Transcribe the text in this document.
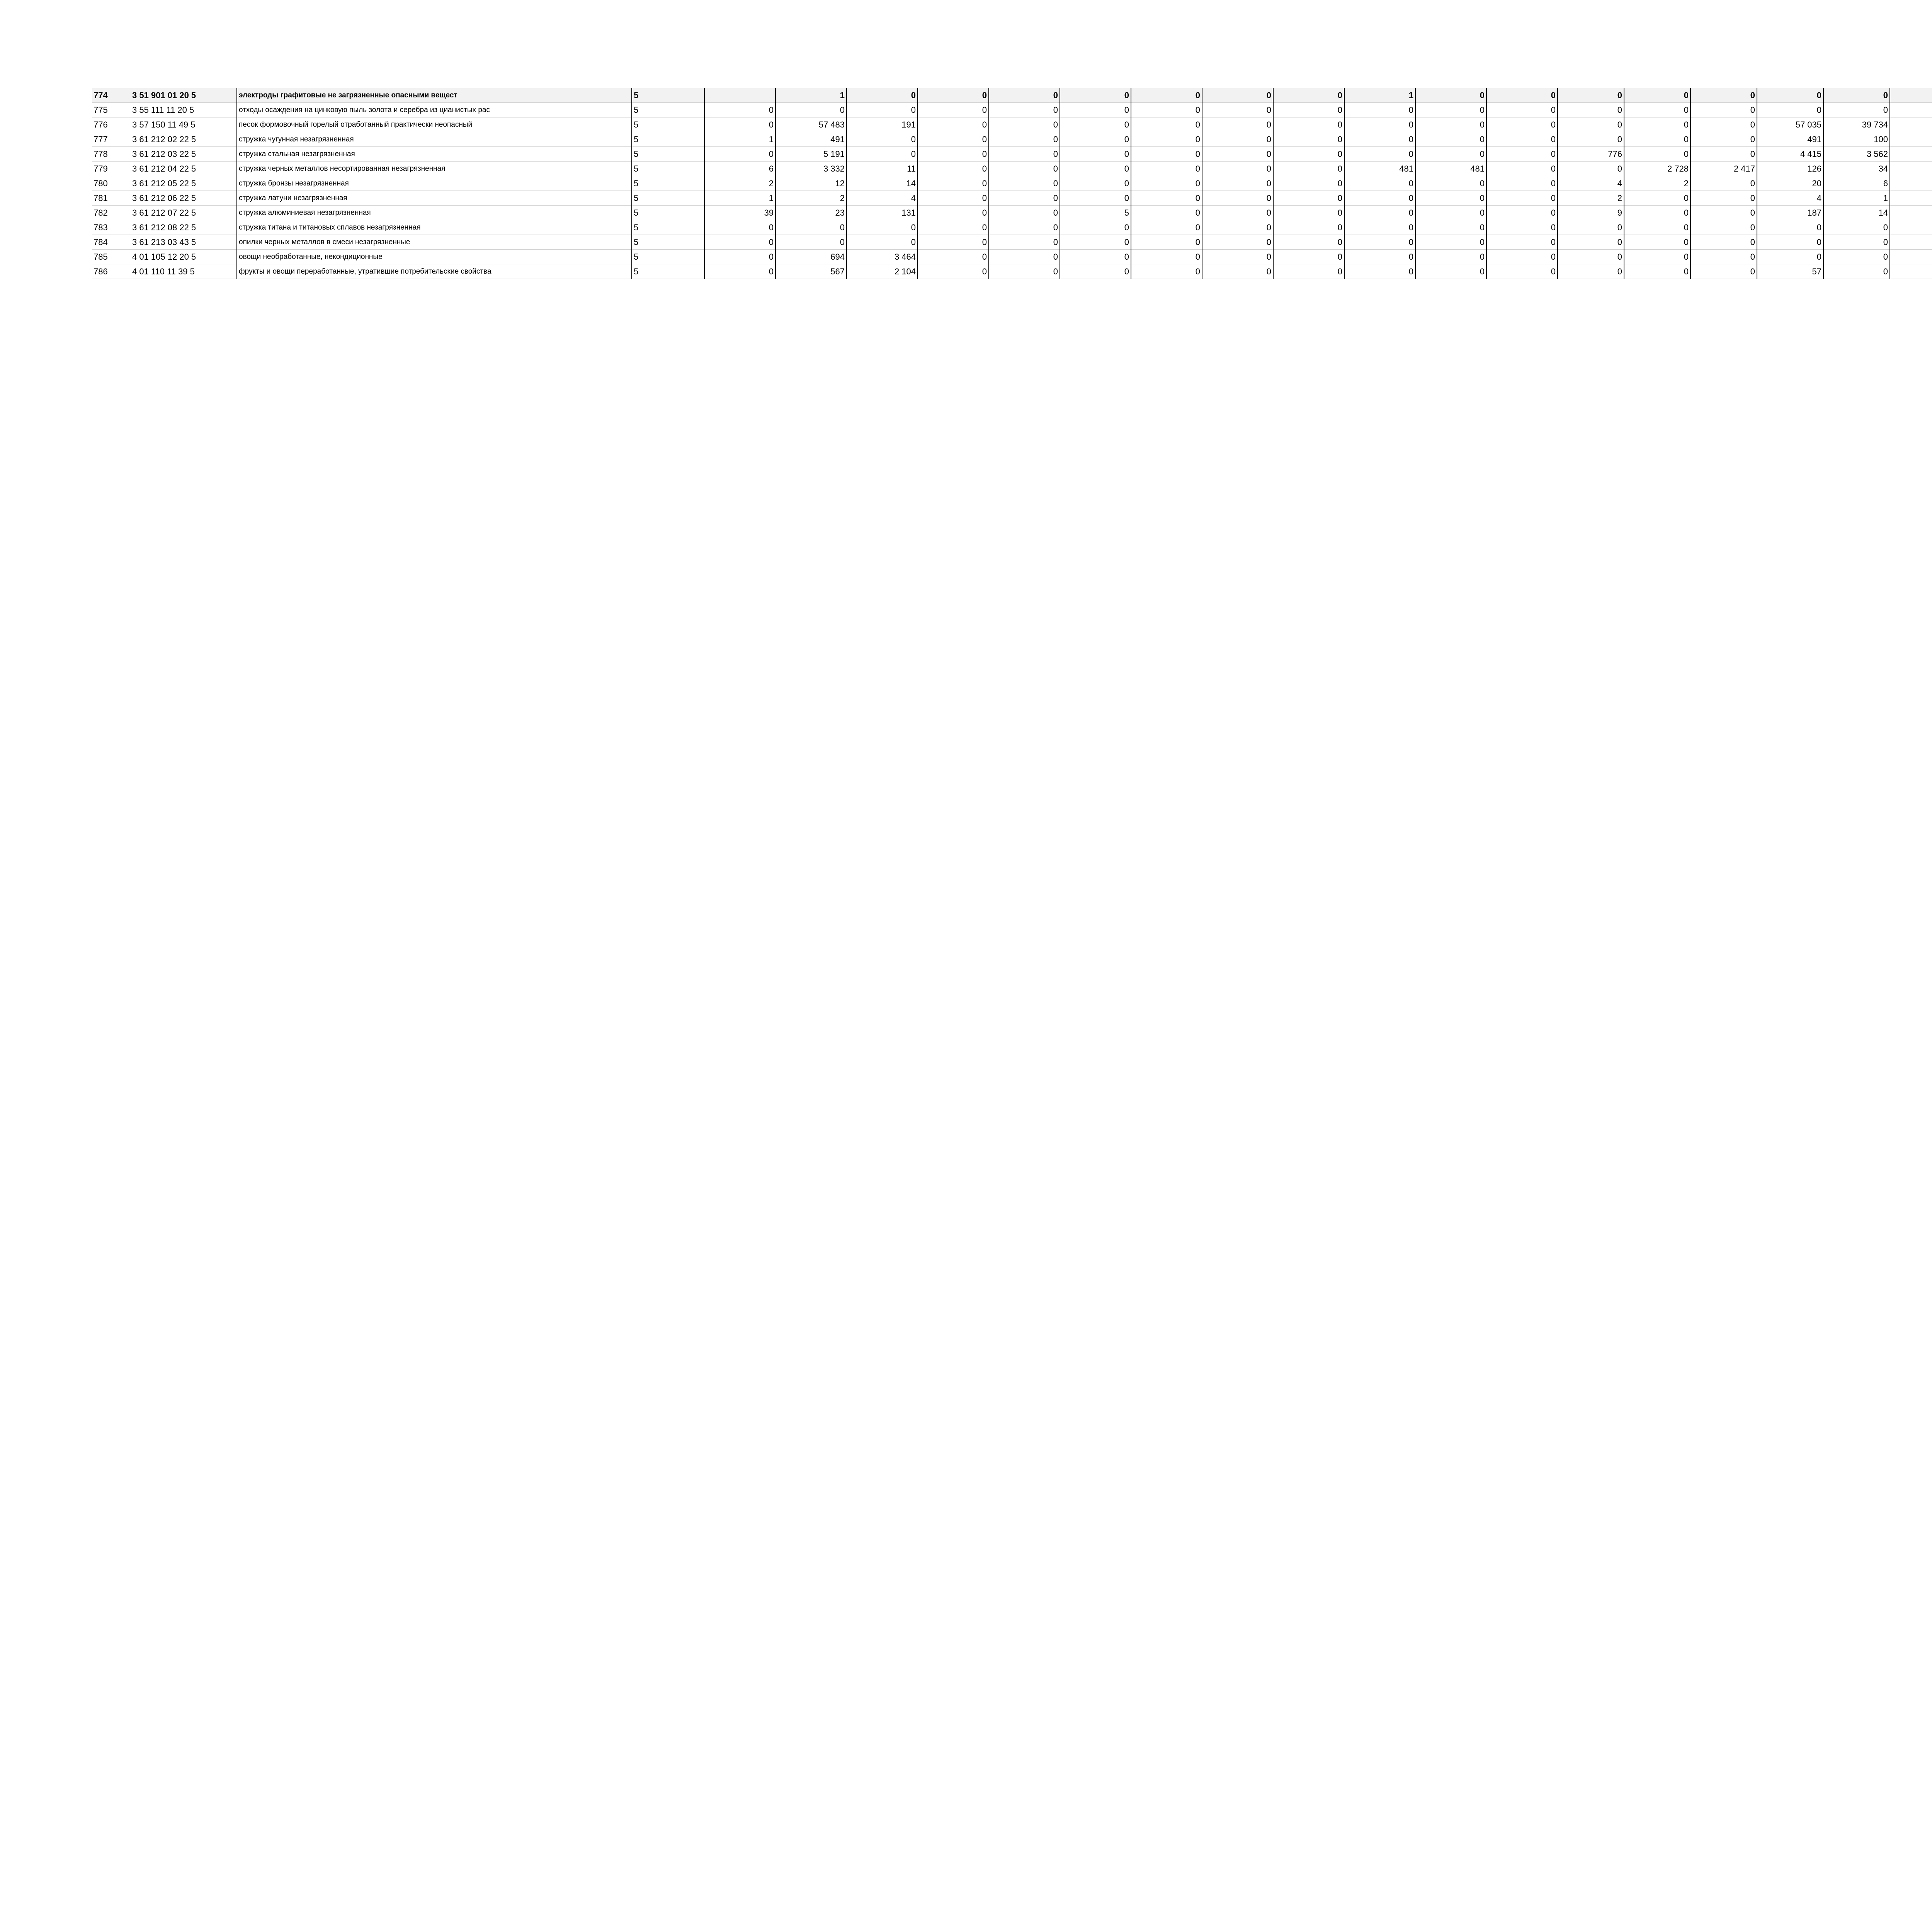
774	3 51 901 01 20 5	электроды графитовые не загрязненные опасными вещест	5		1	0	0	0	0	0	0	0	1	0	0	0	0	0	0	0													
775	3 55 111 11 20 5	отходы осаждения на цинковую пыль золота и серебра из цианистых рас	5	0	0	0	0	0	0	0	0	0	0	0	0	0	0	0	0	0													
776	3 57 150 11 49 5	песок формовочный горелый отработанный практически неопасный	5	0	57 483	191	0	0	0	0	0	0	0	0	0	0	0	0	57 035	39 734												
777	3 61 212 02 22 5	стружка чугунная незагрязненная	5	1	491	0	0	0	0	0	0	0	0	0	0	0	0	0	491	100												
778	3 61 212 03 22 5	стружка стальная незагрязненная	5	0	5 191	0	0	0	0	0	0	0	0	0	0	776	0	0	4 415	3 562												
779	3 61 212 04 22 5	стружка черных металлов несортированная незагрязненная	5	6	3 332	11	0	0	0	0	0	0	481	481	0	0	2 728	2 417	126	34												
780	3 61 212 05 22 5	стружка бронзы незагрязненная	5	2	12	14	0	0	0	0	0	0	0	0	0	4	2	0	20	6												
781	3 61 212 06 22 5	стружка латуни незагрязненная	5	1	2	4	0	0	0	0	0	0	0	0	0	2	0	0	4	1												
782	3 61 212 07 22 5	стружка алюминиевая незагрязненная	5	39	23	131	0	0	5	0	0	0	0	0	0	9	0	0	187	14												
783	3 61 212 08 22 5	стружка титана и титановых сплавов незагрязненная	5	0	0	0	0	0	0	0	0	0	0	0	0	0	0	0	0	0												
784	3 61 213 03 43 5	опилки черных металлов в смеси незагрязненные	5	0	0	0	0	0	0	0	0	0	0	0	0	0	0	0	0	0												
785	4 01 105 12 20 5	овощи необработанные, некондиционные	5	0	694	3 464	0	0	0	0	0	0	0	0	0	0	0	0	0	0												
786	4 01 110 11 39 5	фрукты и овощи переработанные, утратившие потребительские свойства	5	0	567	2 104	0	0	0	0	0	0	0	0	0	0	0	0	57	0												
